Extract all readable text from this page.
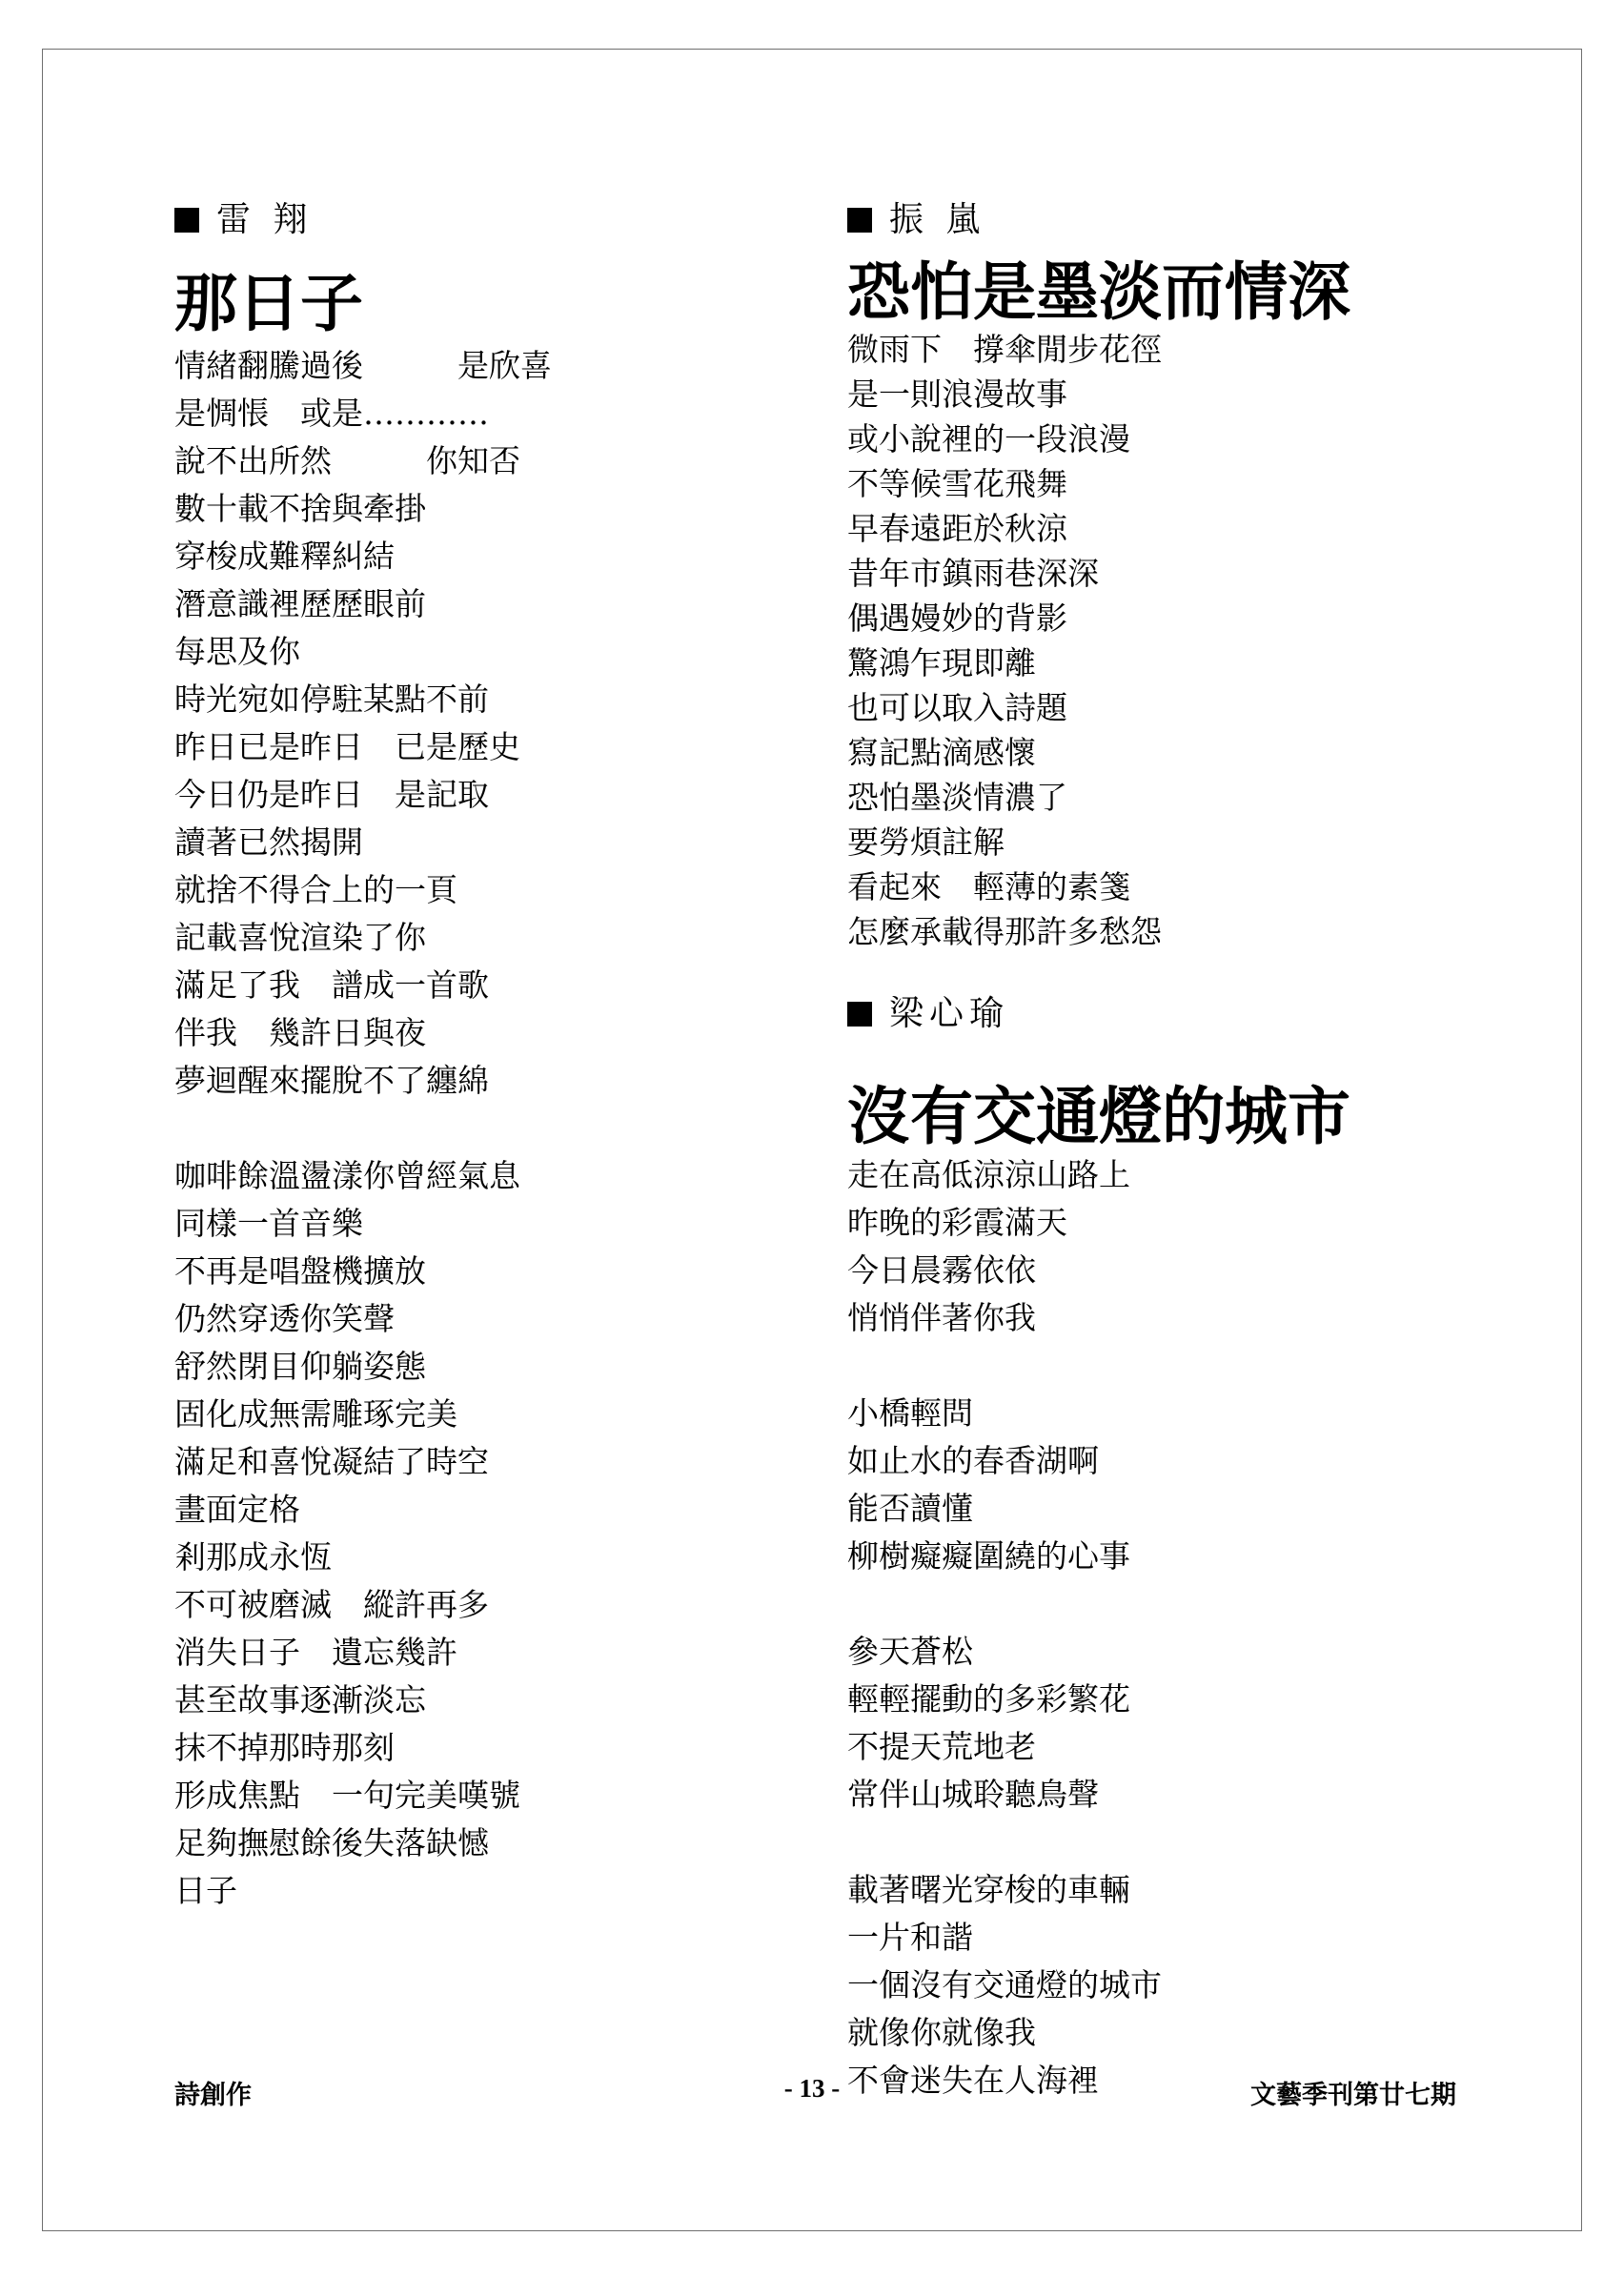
雷 翔
那日子
情緒翻騰過後　　　是欣喜
是惆悵　或是…………
說不出所然　　　你知否
數十載不捨與牽掛
穿梭成難釋糾結
潛意識裡歷歷眼前
每思及你
時光宛如停駐某點不前
昨日已是昨日　已是歷史
今日仍是昨日　是記取
讀著已然揭開
就捨不得合上的一頁
記載喜悅渲染了你
滿足了我　譜成一首歌
伴我　幾許日與夜
夢迴醒來擺脫不了纏綿
咖啡餘溫盪漾你曾經氣息
同樣一首音樂
不再是唱盤機擴放
仍然穿透你笑聲
舒然閉目仰躺姿態
固化成無需雕琢完美
滿足和喜悅凝結了時空
畫面定格
剎那成永恆
不可被磨滅　縱許再多
消失日子　遺忘幾許
甚至故事逐漸淡忘
抹不掉那時那刻
形成焦點　一句完美嘆號
足夠撫慰餘後失落缺憾
日子
振 嵐
恐怕是墨淡而情深
微雨下　撐傘閒步花徑
是一則浪漫故事
或小說裡的一段浪漫
不等候雪花飛舞
早春遠距於秋涼
昔年市鎮雨巷深深
偶遇嫚妙的背影
驚鴻乍現即離
也可以取入詩題
寫記點滴感懷
恐怕墨淡情濃了
要勞煩註解
看起來　輕薄的素箋
怎麼承載得那許多愁怨
梁心瑜
沒有交通燈的城市
走在高低涼涼山路上
昨晚的彩霞滿天
今日晨霧依依
悄悄伴著你我
小橋輕問
如止水的春香湖啊
能否讀懂
柳樹癡癡圍繞的心事
參天蒼松
輕輕擺動的多彩繁花
不提天荒地老
常伴山城聆聽鳥聲
載著曙光穿梭的車輛
一片和諧
一個沒有交通燈的城市
就像你就像我
不會迷失在人海裡
詩創作	- 13 -	文藝季刊第廿七期
